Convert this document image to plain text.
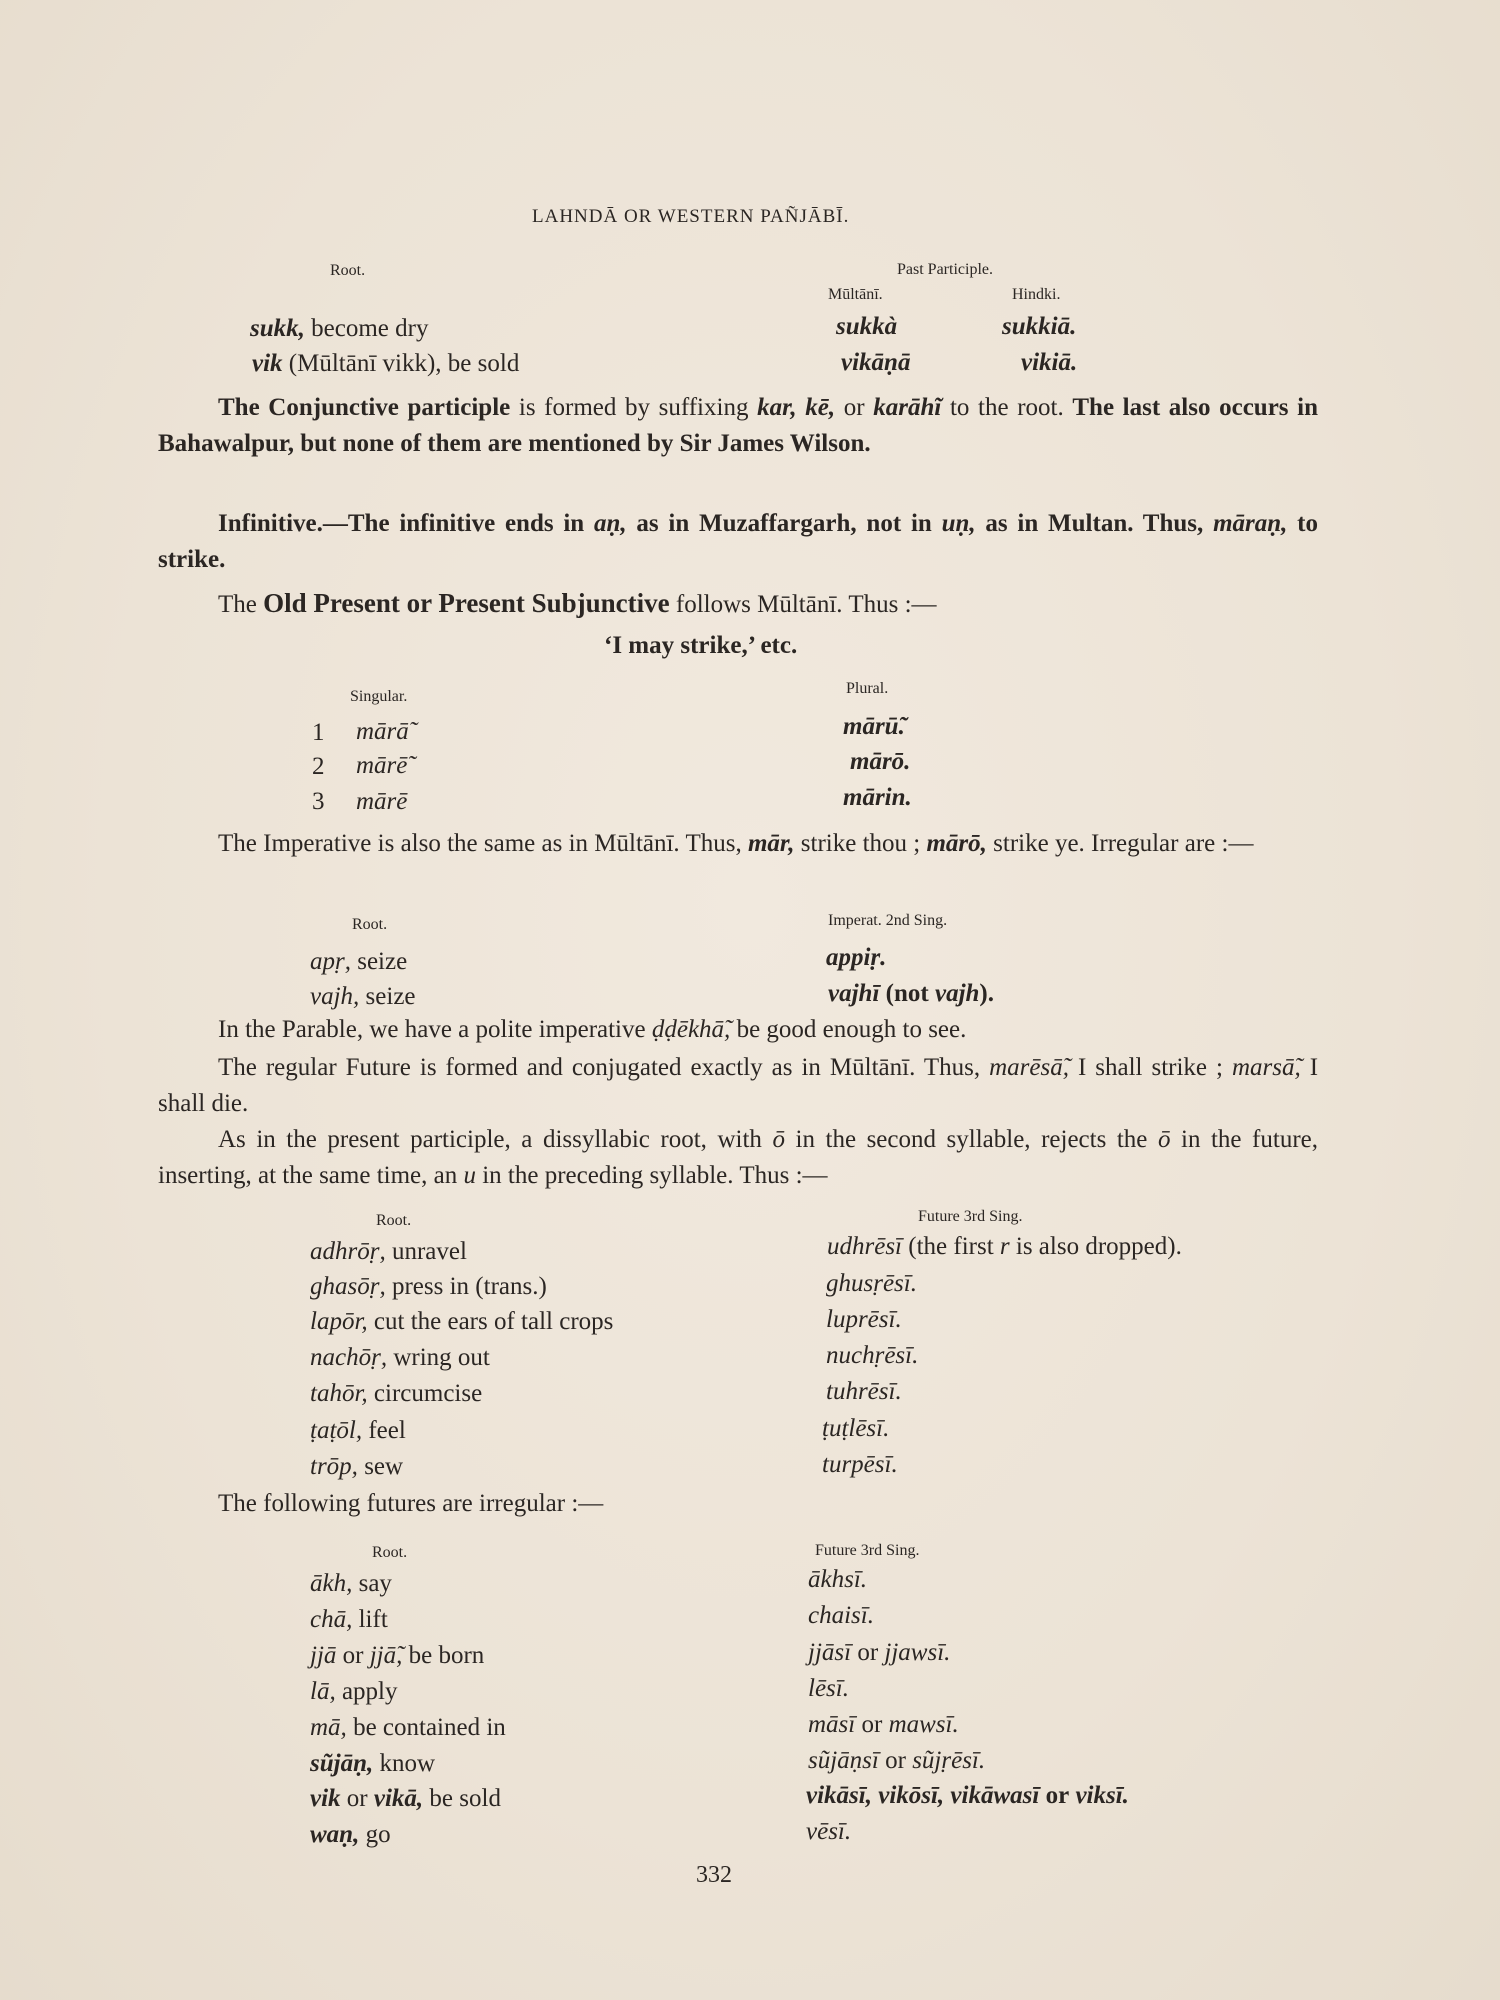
LAHNDĀ OR WESTERN PAÑJĀBĪ.
Root.	Past Participle.
Mūltānī.	Hindki.
sukk, become dry	sukkà	sukkiā.
vik (Mūltānī vikk), be sold	vikāṇā	vikiā.
The Conjunctive participle is formed by suffixing kar, kē, or karāhĩ to the root. The last also occurs in Bahawalpur, but none of them are mentioned by Sir James Wilson.
Infinitive.—The infinitive ends in aṇ, as in Muzaffargarh, not in uṇ, as in Multan. Thus, māraṇ, to strike.
The Old Present or Present Subjunctive follows Mūltānī. Thus :—
‘I may strike,’ etc.
Singular.	Plural.
1 mārā̃	mārū̃.
2 mārē̃	mārō.
3 mārē	mārin.
The Imperative is also the same as in Mūltānī. Thus, mār, strike thou ; mārō, strike ye. Irregular are :—
Root.	Imperat. 2nd Sing.
apṛ, seize	appiṛ.
vajh, seize	vajhī (not vajh).
In the Parable, we have a polite imperative ḍḍēkhā̃, be good enough to see.
The regular Future is formed and conjugated exactly as in Mūltānī. Thus, marēsā̃, I shall strike ; marsā̃, I shall die.
As in the present participle, a dissyllabic root, with ō in the second syllable, rejects the ō in the future, inserting, at the same time, an u in the preceding syllable. Thus :—
Root.	Future 3rd Sing.
adhrōṛ, unravel	udhrēsī (the first r is also dropped).
ghasōṛ, press in (trans.)	ghusṛēsī.
lapōr, cut the ears of tall crops	luprēsī.
nachōṛ, wring out	nuchṛēsī.
tahōr, circumcise	tuhrēsī.
ṭaṭōl, feel	ṭuṭlēsī.
trōp, sew	turpēsī.
The following futures are irregular :—
Root.	Future 3rd Sing.
ākh, say	ākhsī.
chā, lift	chaisī.
jjā or jjā̃, be born	jjāsī or jjawsī.
lā, apply	lēsī.
mā, be contained in	māsī or mawsī.
sũjāṇ, know	sũjāṇsī or sũjṛēsī.
vik or vikā, be sold	vikāsī, vikōsī, vikāwasī or viksī.
waṇ, go	vēsī.
332
